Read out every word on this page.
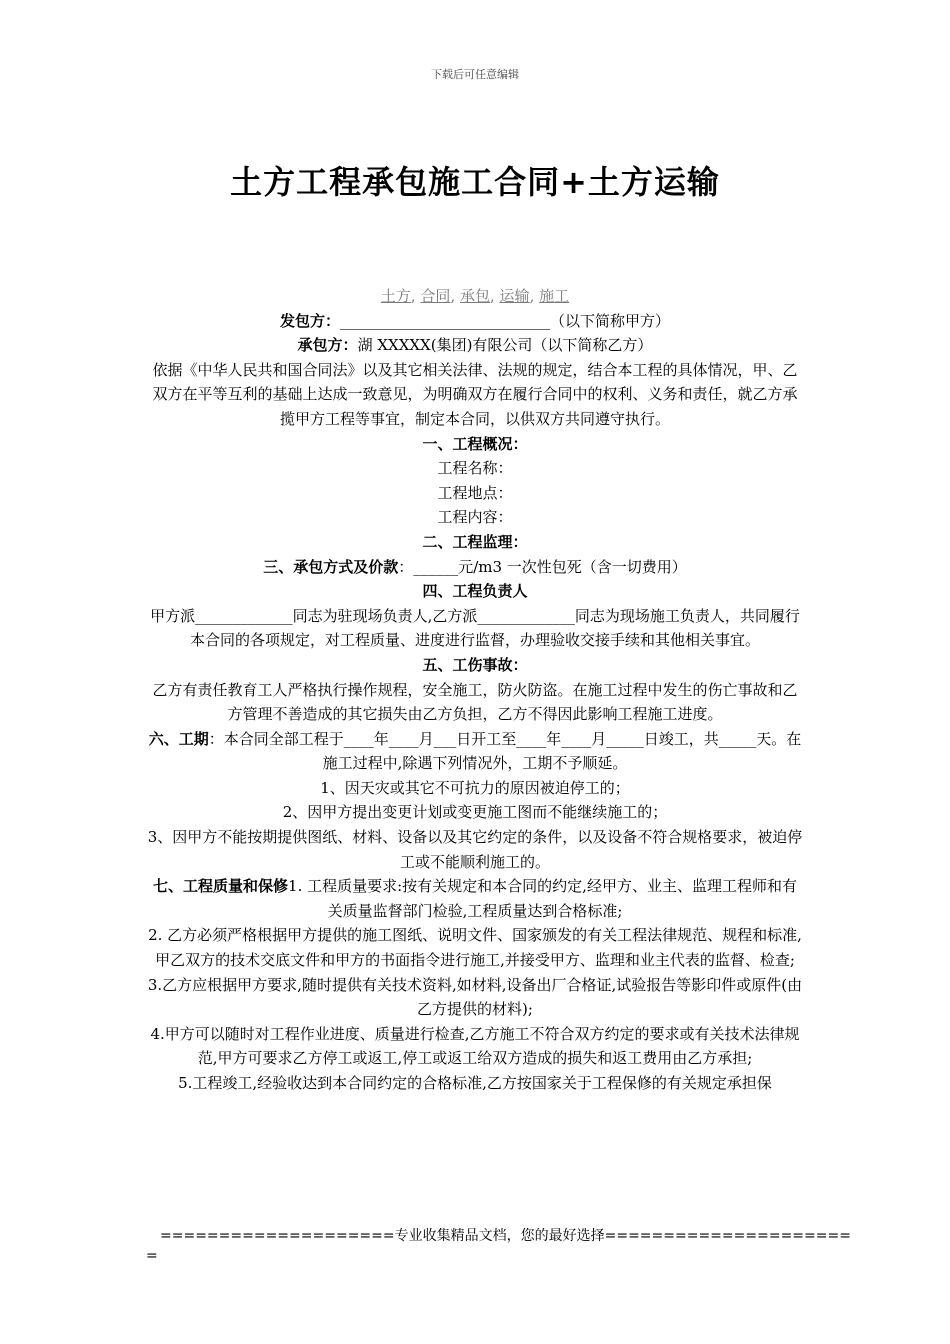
下载后可任意编辑
土方工程承包施工合同+土方运输

土方, 合同, 承包, 运输, 施工

发包方：____________________________（以下简称甲方）

承包方：湖 XXXXX(集团)有限公司（以下简称乙方）

依据《中华人民共和国合同法》以及其它相关法律、法规的规定，结合本工程的具体情况，甲、乙双方在平等互利的基础上达成一致意见，为明确双方在履行合同中的权利、义务和责任，就乙方承揽甲方工程等事宜，制定本合同，以供双方共同遵守执行。

一、工程概况：

工程名称：

工程地点：

工程内容：

二、工程监理：

三、承包方式及价款：______元/m3 一次性包死（含一切费用）

四、工程负责人

甲方派_____________同志为驻现场负责人,乙方派_____________同志为现场施工负责人，共同履行本合同的各项规定，对工程质量、进度进行监督，办理验收交接手续和其他相关事宜。

五、工伤事故：

乙方有责任教育工人严格执行操作规程，安全施工，防火防盗。在施工过程中发生的伤亡事故和乙方管理不善造成的其它损失由乙方负担，乙方不得因此影响工程施工进度。

六、工期：本合同全部工程于____年____月___日开工至____年____月_____日竣工，共_____天。在施工过程中,除遇下列情况外，工期不予顺延。

1、因天灾或其它不可抗力的原因被迫停工的；

2、因甲方提出变更计划或变更施工图而不能继续施工的；

3、因甲方不能按期提供图纸、材料、设备以及其它约定的条件，以及设备不符合规格要求，被迫停工或不能顺利施工的。

七、工程质量和保修1. 工程质量要求:按有关规定和本合同的约定,经甲方、业主、监理工程师和有关质量监督部门检验,工程质量达到合格标准;

2. 乙方必须严格根据甲方提供的施工图纸、说明文件、国家颁发的有关工程法律规范、规程和标准,甲乙双方的技术交底文件和甲方的书面指令进行施工,并接受甲方、监理和业主代表的监督、检查;

3.乙方应根据甲方要求,随时提供有关技术资料,如材料,设备出厂合格证,试验报告等影印件或原件(由乙方提供的材料);

4.甲方可以随时对工程作业进度、质量进行检查,乙方施工不符合双方约定的要求或有关技术法律规范,甲方可要求乙方停工或返工,停工或返工给双方造成的损失和返工费用由乙方承担;

5.工程竣工,经验收达到本合同约定的合格标准,乙方按国家关于工程保修的有关规定承担保

====================专业收集精品文档，您的最好选择=====================
=
